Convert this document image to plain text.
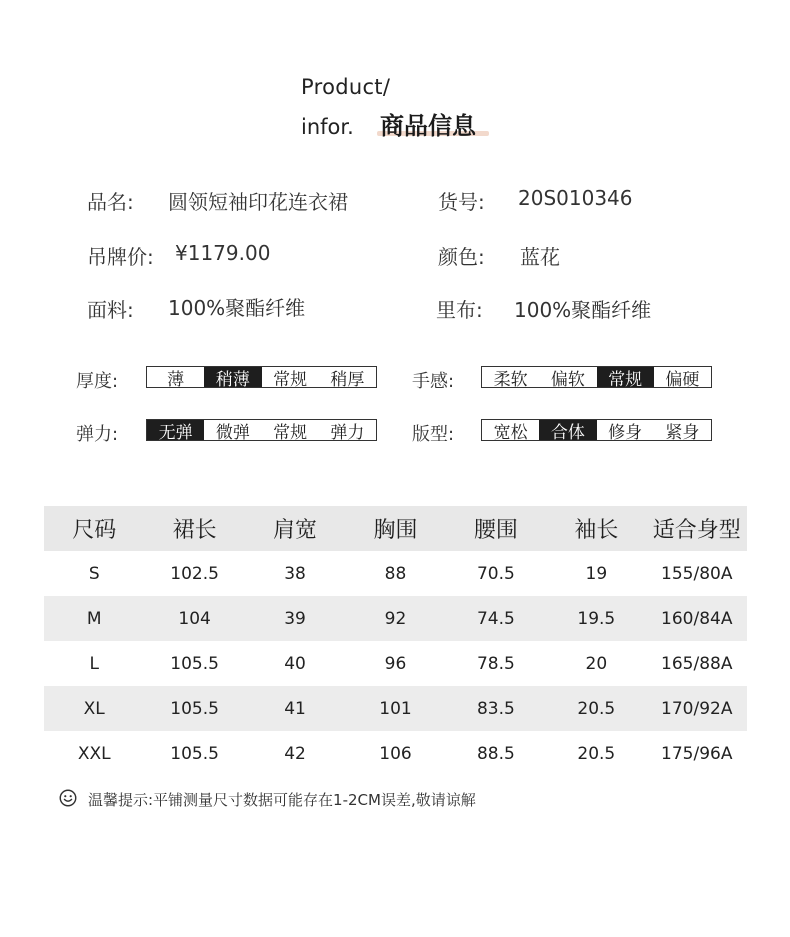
Product/
infor. 商品信息
品名: 圆领短袖印花连衣裙	货号: 20S010346
吊牌价: ¥1179.00	颜色: 蓝花
面料: 100%聚酯纤维	里布: 100%聚酯纤维
厚度:	薄	稍薄	常规	稍厚	手感:	柔软	偏软	常规	偏硬
弹力:	无弹	微弹	常规	弹力	版型:	宽松	合体	修身	紧身
尺码	裙长	肩宽	胸围	腰围	袖长	适合身型
S	102.5	38	88	70.5	19	155/80A
M	104	39	92	74.5	19.5	160/84A
L	105.5	40	96	78.5	20	165/88A
XL	105.5	41	101	83.5	20.5	170/92A
XXL	105.5	42	106	88.5	20.5	175/96A
温馨提示:平铺测量尺寸数据可能存在1-2CM误差,敬请谅解
